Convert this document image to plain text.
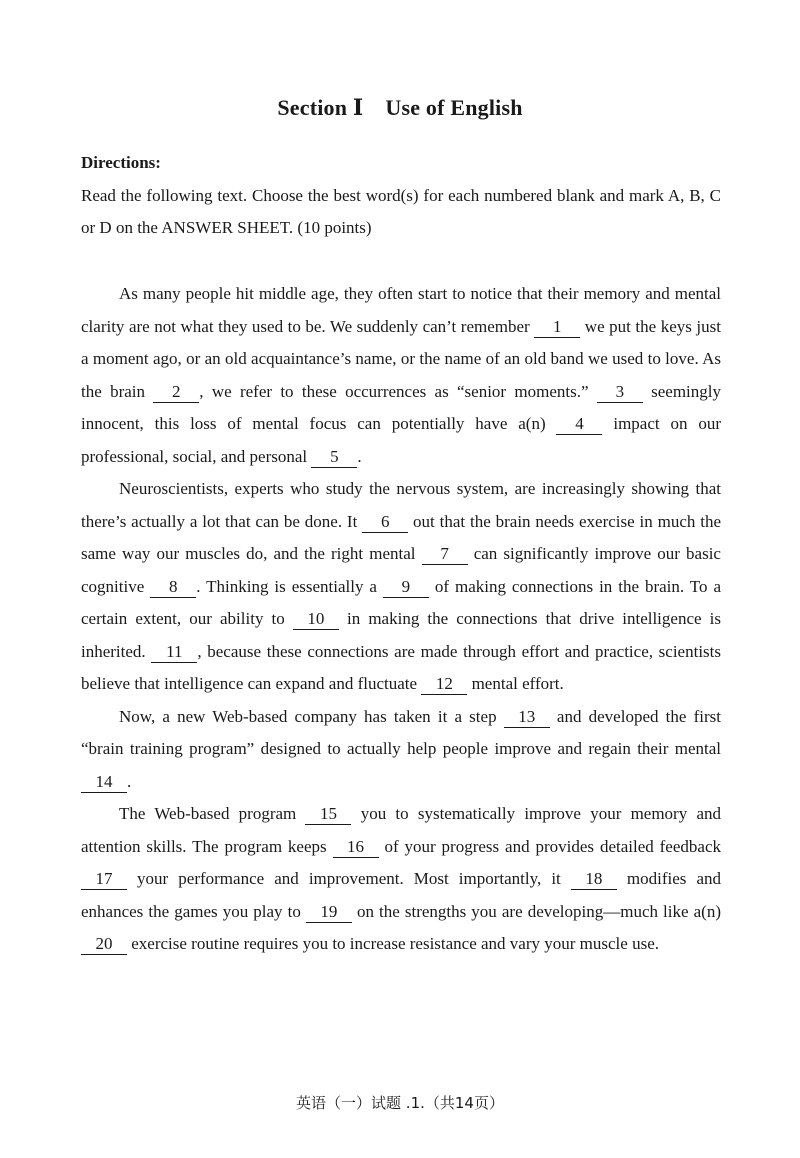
Section Ⅰ Use of English
Directions:
Read the following text. Choose the best word(s) for each numbered blank and mark A, B, C or D on the ANSWER SHEET. (10 points)

As many people hit middle age, they often start to notice that their memory and mental clarity are not what they used to be. We suddenly can’t remember 1 we put the keys just a moment ago, or an old acquaintance’s name, or the name of an old band we used to love. As the brain 2 , we refer to these occurrences as “senior moments.” 3 seemingly innocent, this loss of mental focus can potentially have a(n) 4 impact on our professional, social, and personal 5 .

Neuroscientists, experts who study the nervous system, are increasingly showing that there’s actually a lot that can be done. It 6 out that the brain needs exercise in much the same way our muscles do, and the right mental 7 can significantly improve our basic cognitive 8 . Thinking is essentially a 9 of making connections in the brain. To a certain extent, our ability to 10 in making the connections that drive intelligence is inherited. 11 , because these connections are made through effort and practice, scientists believe that intelligence can expand and fluctuate 12 mental effort.

Now, a new Web-based company has taken it a step 13 and developed the first “brain training program” designed to actually help people improve and regain their mental 14 .

The Web-based program 15 you to systematically improve your memory and attention skills. The program keeps 16 of your progress and provides detailed feedback 17 your performance and improvement. Most importantly, it 18 modifies and enhances the games you play to 19 on the strengths you are developing—much like a(n) 20 exercise routine requires you to increase resistance and vary your muscle use.

英语（一）试题 .1.（共14页）
